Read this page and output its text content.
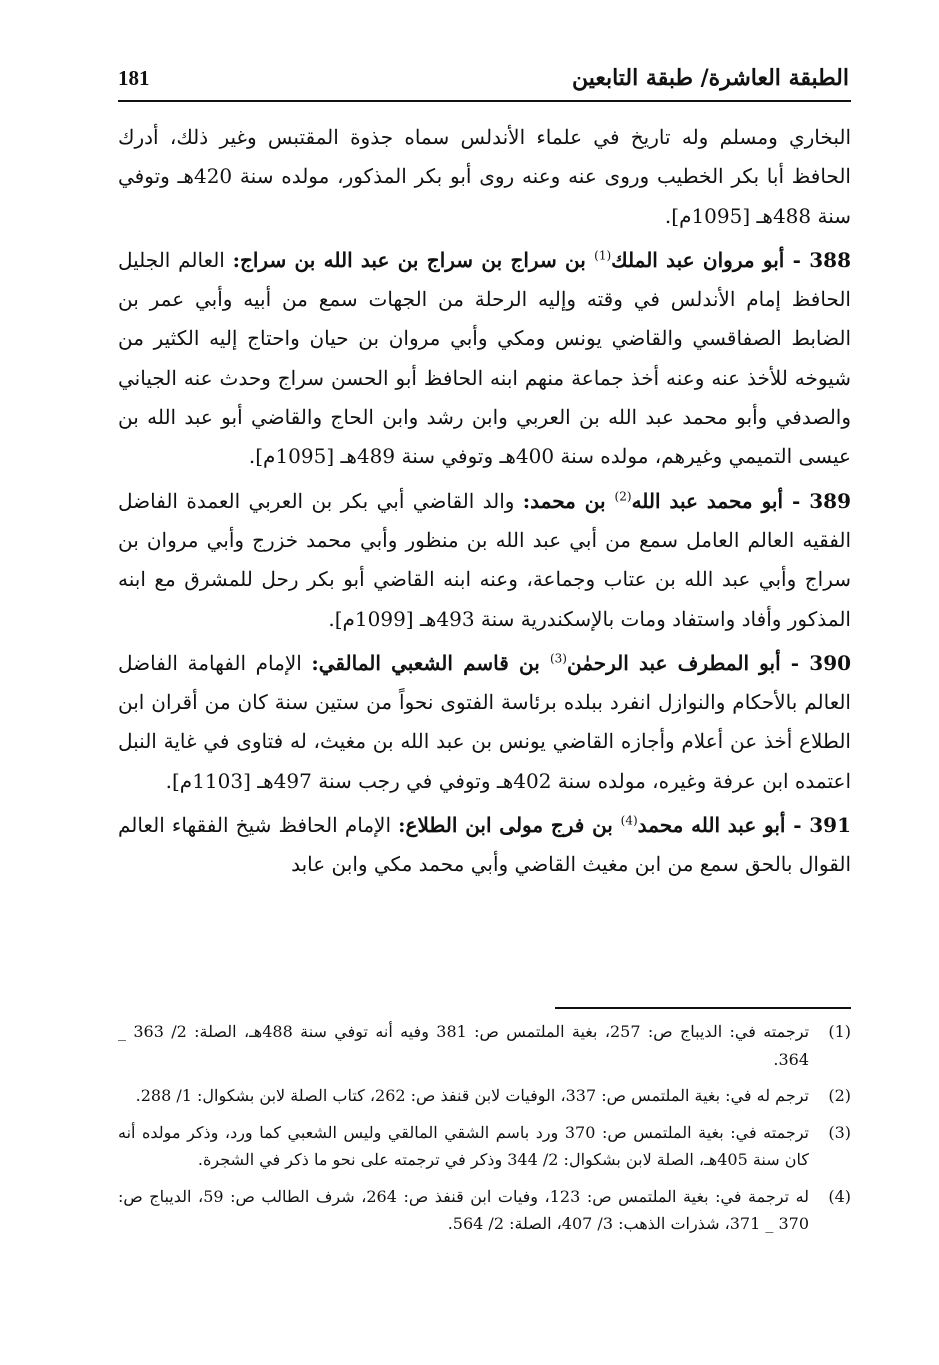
الطبقة العاشرة/ طبقة التابعين
181

البخاري ومسلم وله تاريخ في علماء الأندلس سماه جذوة المقتبس وغير ذلك، أدرك الحافظ أبا بكر الخطيب وروى عنه وعنه روى أبو بكر المذكور، مولده سنة 420هـ وتوفي سنة 488هـ [1095م].

388 - أبو مروان عبد الملك$^{(1)}$ بن سراج بن سراج بن عبد الله بن سراج: العالم الجليل الحافظ إمام الأندلس في وقته وإليه الرحلة من الجهات سمع من أبيه وأبي عمر بن الضابط الصفاقسي والقاضي يونس ومكي وأبي مروان بن حيان واحتاج إليه الكثير من شيوخه للأخذ عنه وعنه أخذ جماعة منهم ابنه الحافظ أبو الحسن سراج وحدث عنه الجياني والصدفي وأبو محمد عبد الله بن العربي وابن رشد وابن الحاج والقاضي أبو عبد الله بن عيسى التميمي وغيرهم، مولده سنة 400هـ وتوفي سنة 489هـ [1095م].

389 - أبو محمد عبد الله$^{(2)}$ بن محمد: والد القاضي أبي بكر بن العربي العمدة الفاضل الفقيه العالم العامل سمع من أبي عبد الله بن منظور وأبي محمد خزرج وأبي مروان بن سراج وأبي عبد الله بن عتاب وجماعة، وعنه ابنه القاضي أبو بكر رحل للمشرق مع ابنه المذكور وأفاد واستفاد ومات بالإسكندرية سنة 493هـ [1099م].

390 - أبو المطرف عبد الرحمٰن$^{(3)}$ بن قاسم الشعبي المالقي: الإمام الفهامة الفاضل العالم بالأحكام والنوازل انفرد ببلده برئاسة الفتوى نحواً من ستين سنة كان من أقران ابن الطلاع أخذ عن أعلام وأجازه القاضي يونس بن عبد الله بن مغيث، له فتاوى في غاية النبل اعتمده ابن عرفة وغيره، مولده سنة 402هـ وتوفي في رجب سنة 497هـ [1103م].

391 - أبو عبد الله محمد$^{(4)}$ بن فرج مولى ابن الطلاع: الإمام الحافظ شيخ الفقهاء العالم القوال بالحق سمع من ابن مغيث القاضي وأبي محمد مكي وابن عابد

(1)
ترجمته في: الديباج ص: 257، بغية الملتمس ص: 381 وفيه أنه توفي سنة 488هـ، الصلة: 2/ 363 _ 364.
(2)
ترجم له في: بغية الملتمس ص: 337، الوفيات لابن قنفذ ص: 262، كتاب الصلة لابن بشكوال: 1/ 288.
(3)
ترجمته في: بغية الملتمس ص: 370 ورد باسم الشقي المالقي وليس الشعبي كما ورد، وذكر مولده أنه كان سنة 405هـ، الصلة لابن بشكوال: 2/ 344 وذكر في ترجمته على نحو ما ذكر في الشجرة.
(4)
له ترجمة في: بغية الملتمس ص: 123، وفيات ابن قنفذ ص: 264، شرف الطالب ص: 59، الديباج ص: 370 _ 371، شذرات الذهب: 3/ 407، الصلة: 2/ 564.
